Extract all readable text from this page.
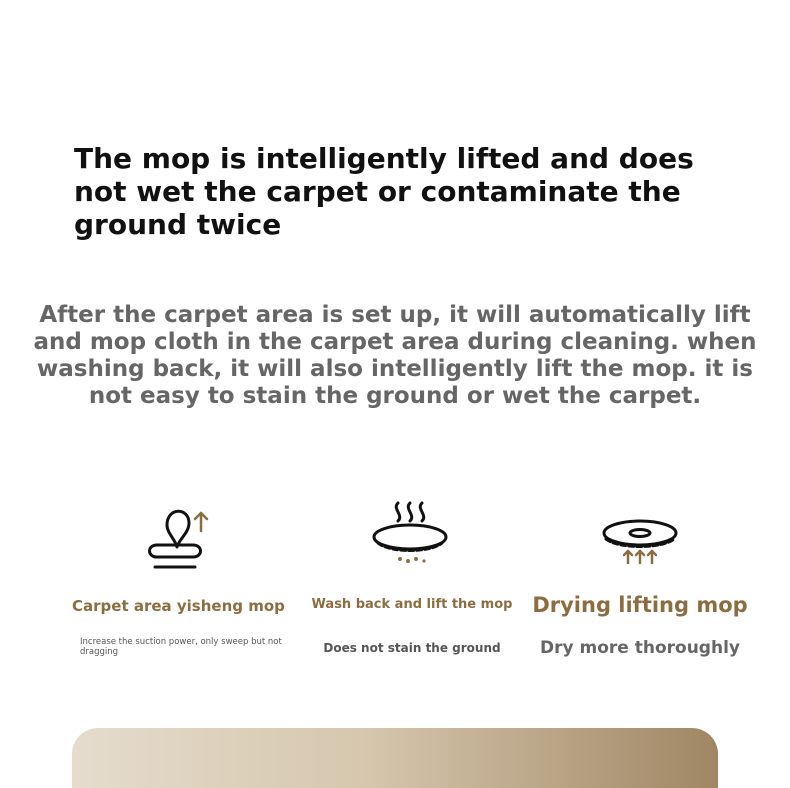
The mop is intelligently lifted and does not wet the carpet or contaminate the ground twice

After the carpet area is set up, it will automatically lift and mop cloth in the carpet area during cleaning. when washing back, it will also intelligently lift the mop. it is not easy to stain the ground or wet the carpet.

Carpet area yisheng mop
Increase the suction power, only sweep but not dragging
Wash back and lift the mop
Does not stain the ground
Drying lifting mop
Dry more thoroughly
